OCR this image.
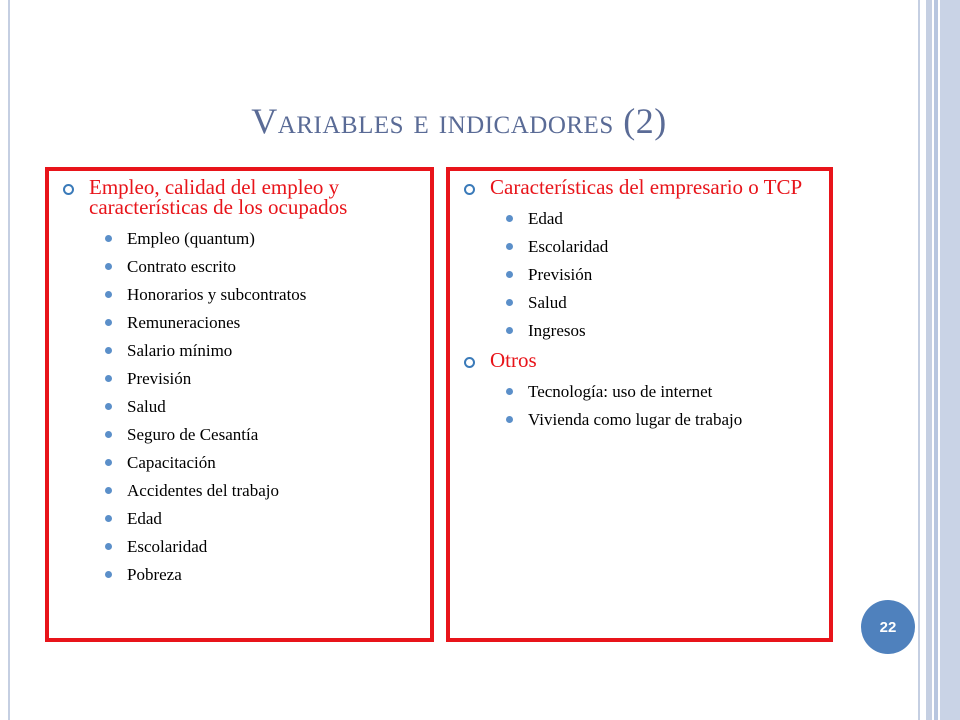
Variables e indicadores (2)
Empleo, calidad del empleo y características de los ocupados
Empleo (quantum)
Contrato escrito
Honorarios y subcontratos
Remuneraciones
Salario mínimo
Previsión
Salud
Seguro de Cesantía
Capacitación
Accidentes del trabajo
Edad
Escolaridad
Pobreza
Características del empresario o TCP
Edad
Escolaridad
Previsión
Salud
Ingresos
Otros
Tecnología: uso de internet
Vivienda como lugar de trabajo
22
